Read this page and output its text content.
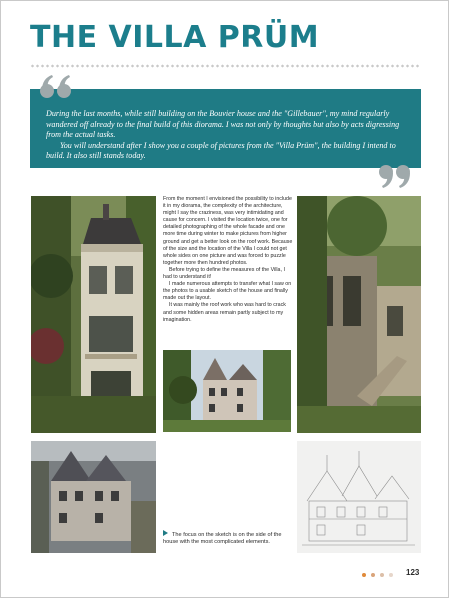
THE VILLA PRÜM

During the last months, while still building on the Bouvier house and the "Gillebauer", my mind regularly wandered off already to the final build of this diorama. I was not only by thoughts but also by acts digressing from the actual tasks.

You will understand after I show you a couple of pictures from the "Villa Prüm", the building I intend to build. It also still stands today.

From the moment I envisioned the possibility to include it in my diorama, the complexity of the architecture, might I say the craziness, was very intimidating and cause for concern. I visited the location twice, one for detailed photographing of the whole facade and one more time during winter to make pictures from higher ground and get a better look on the roof work. Because of the size and the location of the Villa I could not get whole sides on one picture and was forced to puzzle together more then hundred photos.

Before trying to define the measures of the Villa, I had to understand it!

I made numerous attempts to transfer what I saw on the photos to a usable sketch of the house and finally made out the layout.

It was mainly the roof work who was hard to crack and some hidden areas remain partly subject to my imagination.

The focus on the sketch is on the side of the house with the most complicated elements.

123
